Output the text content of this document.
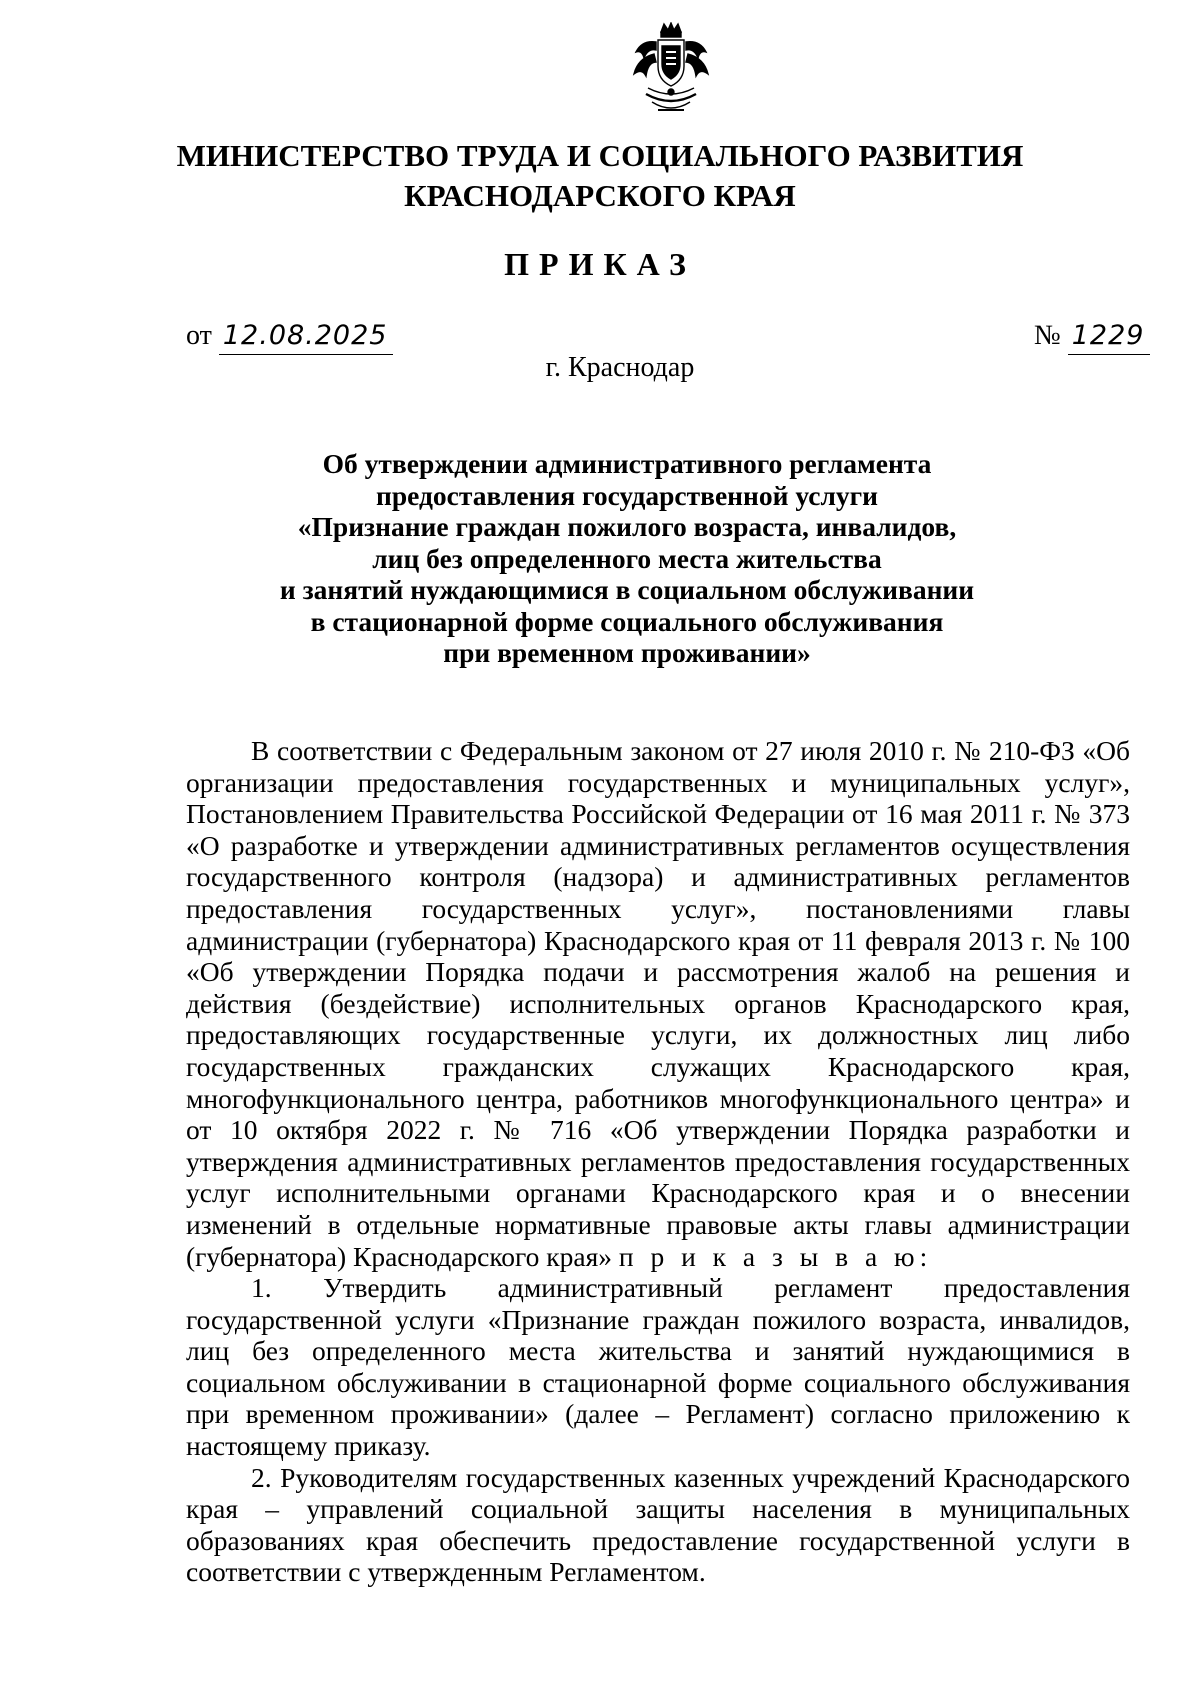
МИНИСТЕРСТВО ТРУДА И СОЦИАЛЬНОГО РАЗВИТИЯ
КРАСНОДАРСКОГО КРАЯ
ПРИКАЗ
от 12.08.2025	№ 1229
г. Краснодар
Об утверждении административного регламента
предоставления государственной услуги
«Признание граждан пожилого возраста, инвалидов,
лиц без определенного места жительства
и занятий нуждающимися в социальном обслуживании
в стационарной форме социального обслуживания
при временном проживании»

В соответствии с Федеральным законом от 27 июля 2010 г. № 210-ФЗ «Об организации предоставления государственных и муниципальных услуг», Постановлением Правительства Российской Федерации от 16 мая 2011 г. № 373 «О разработке и утверждении административных регламентов осуществления государственного контроля (надзора) и административных регламентов предоставления государственных услуг», постановлениями главы администрации (губернатора) Краснодарского края от 11 февраля 2013 г. № 100 «Об утверждении Порядка подачи и рассмотрения жалоб на решения и действия (бездействие) исполнительных органов Краснодарского края, предоставляющих государственные услуги, их должностных лиц либо государственных гражданских служащих Краснодарского края, многофункционального центра, работников многофункционального центра» и от 10 октября 2022 г. № 716 «Об утверждении Порядка разработки и утверждения административных регламентов предоставления государственных услуг исполнительными органами Краснодарского края и о внесении изменений в отдельные нормативные правовые акты главы администрации (губернатора) Краснодарского края» п р и к а з ы в а ю:

1. Утвердить административный регламент предоставления государственной услуги «Признание граждан пожилого возраста, инвалидов, лиц без определенного места жительства и занятий нуждающимися в социальном обслуживании в стационарной форме социального обслуживания при временном проживании» (далее – Регламент) согласно приложению к настоящему приказу.

2. Руководителям государственных казенных учреждений Краснодарского края – управлений социальной защиты населения в муниципальных образованиях края обеспечить предоставление государственной услуги в соответствии с утвержденным Регламентом.
